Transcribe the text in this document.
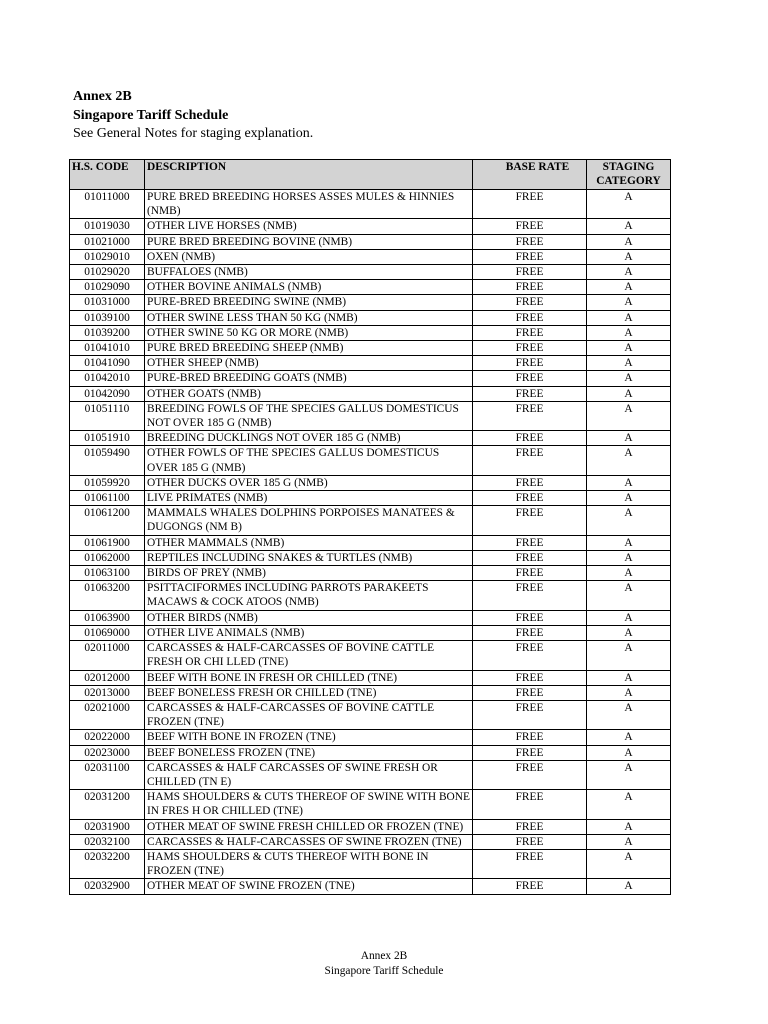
Annex 2B
Singapore Tariff Schedule
See General Notes for staging explanation.
H.S. CODE	DESCRIPTION	BASE RATE	STAGING
CATEGORY
01011000	PURE BRED BREEDING HORSES ASSES MULES & HINNIES (NMB)	FREE	A
01019030	OTHER LIVE HORSES (NMB)	FREE	A
01021000	PURE BRED BREEDING BOVINE (NMB)	FREE	A
01029010	OXEN (NMB)	FREE	A
01029020	BUFFALOES (NMB)	FREE	A
01029090	OTHER BOVINE ANIMALS (NMB)	FREE	A
01031000	PURE-BRED BREEDING SWINE (NMB)	FREE	A
01039100	OTHER SWINE LESS THAN 50 KG (NMB)	FREE	A
01039200	OTHER SWINE 50 KG OR MORE (NMB)	FREE	A
01041010	PURE BRED BREEDING SHEEP (NMB)	FREE	A
01041090	OTHER SHEEP (NMB)	FREE	A
01042010	PURE-BRED BREEDING GOATS (NMB)	FREE	A
01042090	OTHER GOATS (NMB)	FREE	A
01051110	BREEDING FOWLS OF THE SPECIES GALLUS DOMESTICUS NOT OVER 185 G (NMB)	FREE	A
01051910	BREEDING DUCKLINGS NOT OVER 185 G (NMB)	FREE	A
01059490	OTHER FOWLS OF THE SPECIES GALLUS DOMESTICUS OVER 185 G (NMB)	FREE	A
01059920	OTHER DUCKS OVER 185 G (NMB)	FREE	A
01061100	LIVE PRIMATES (NMB)	FREE	A
01061200	MAMMALS WHALES DOLPHINS PORPOISES MANATEES & DUGONGS (NM B)	FREE	A
01061900	OTHER MAMMALS (NMB)	FREE	A
01062000	REPTILES INCLUDING SNAKES & TURTLES (NMB)	FREE	A
01063100	BIRDS OF PREY (NMB)	FREE	A
01063200	PSITTACIFORMES INCLUDING PARROTS PARAKEETS MACAWS & COCK ATOOS (NMB)	FREE	A
01063900	OTHER BIRDS (NMB)	FREE	A
01069000	OTHER LIVE ANIMALS (NMB)	FREE	A
02011000	CARCASSES & HALF-CARCASSES OF BOVINE CATTLE FRESH OR CHI LLED (TNE)	FREE	A
02012000	BEEF WITH BONE IN FRESH OR CHILLED (TNE)	FREE	A
02013000	BEEF BONELESS FRESH OR CHILLED (TNE)	FREE	A
02021000	CARCASSES & HALF-CARCASSES OF BOVINE CATTLE FROZEN (TNE)	FREE	A
02022000	BEEF WITH BONE IN FROZEN (TNE)	FREE	A
02023000	BEEF BONELESS FROZEN (TNE)	FREE	A
02031100	CARCASSES & HALF CARCASSES OF SWINE FRESH OR CHILLED (TN E)	FREE	A
02031200	HAMS SHOULDERS & CUTS THEREOF OF SWINE WITH BONE IN FRES H OR CHILLED (TNE)	FREE	A
02031900	OTHER MEAT OF SWINE FRESH CHILLED OR FROZEN (TNE)	FREE	A
02032100	CARCASSES & HALF-CARCASSES OF SWINE FROZEN (TNE)	FREE	A
02032200	HAMS SHOULDERS & CUTS THEREOF WITH BONE IN FROZEN (TNE)	FREE	A
02032900	OTHER MEAT OF SWINE FROZEN (TNE)	FREE	A
Annex 2B
Singapore Tariff Schedule
